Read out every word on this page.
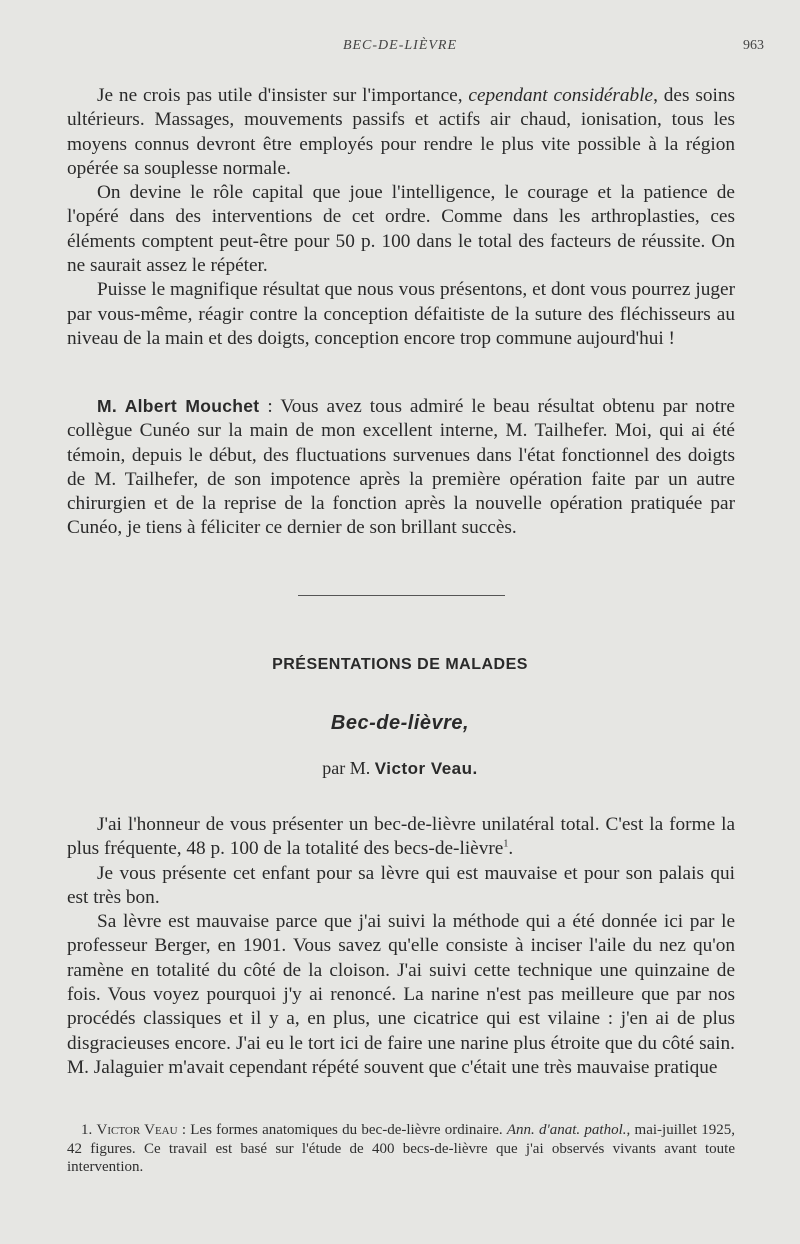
BEC-DE-LIÈVRE	963

Je ne crois pas utile d'insister sur l'importance, cependant considérable, des soins ultérieurs. Massages, mouvements passifs et actifs air chaud, ionisation, tous les moyens connus devront être employés pour rendre le plus vite possible à la région opérée sa souplesse normale.

On devine le rôle capital que joue l'intelligence, le courage et la patience de l'opéré dans des interventions de cet ordre. Comme dans les arthroplasties, ces éléments comptent peut-être pour 50 p. 100 dans le total des facteurs de réussite. On ne saurait assez le répéter.

Puisse le magnifique résultat que nous vous présentons, et dont vous pourrez juger par vous-même, réagir contre la conception défaitiste de la suture des fléchisseurs au niveau de la main et des doigts, conception encore trop commune aujourd'hui !

M. Albert Mouchet : Vous avez tous admiré le beau résultat obtenu par notre collègue Cunéo sur la main de mon excellent interne, M. Tailhefer. Moi, qui ai été témoin, depuis le début, des fluctuations survenues dans l'état fonctionnel des doigts de M. Tailhefer, de son impotence après la première opération faite par un autre chirurgien et de la reprise de la fonction après la nouvelle opération pratiquée par Cunéo, je tiens à féliciter ce dernier de son brillant succès.

PRÉSENTATIONS DE MALADES
Bec-de-lièvre,
par M. Victor Veau.

J'ai l'honneur de vous présenter un bec-de-lièvre unilatéral total. C'est la forme la plus fréquente, 48 p. 100 de la totalité des becs-de-lièvre$^1$.

Je vous présente cet enfant pour sa lèvre qui est mauvaise et pour son palais qui est très bon.

Sa lèvre est mauvaise parce que j'ai suivi la méthode qui a été donnée ici par le professeur Berger, en 1901. Vous savez qu'elle consiste à inciser l'aile du nez qu'on ramène en totalité du côté de la cloison. J'ai suivi cette technique une quinzaine de fois. Vous voyez pourquoi j'y ai renoncé. La narine n'est pas meilleure que par nos procédés classiques et il y a, en plus, une cicatrice qui est vilaine : j'en ai de plus disgracieuses encore. J'ai eu le tort ici de faire une narine plus étroite que du côté sain. M. Jalaguier m'avait cependant répété souvent que c'était une très mauvaise pratique

1. Victor Veau : Les formes anatomiques du bec-de-lièvre ordinaire. Ann. d'anat. pathol., mai-juillet 1925, 42 figures. Ce travail est basé sur l'étude de 400 becs-de-lièvre que j'ai observés vivants avant toute intervention.
